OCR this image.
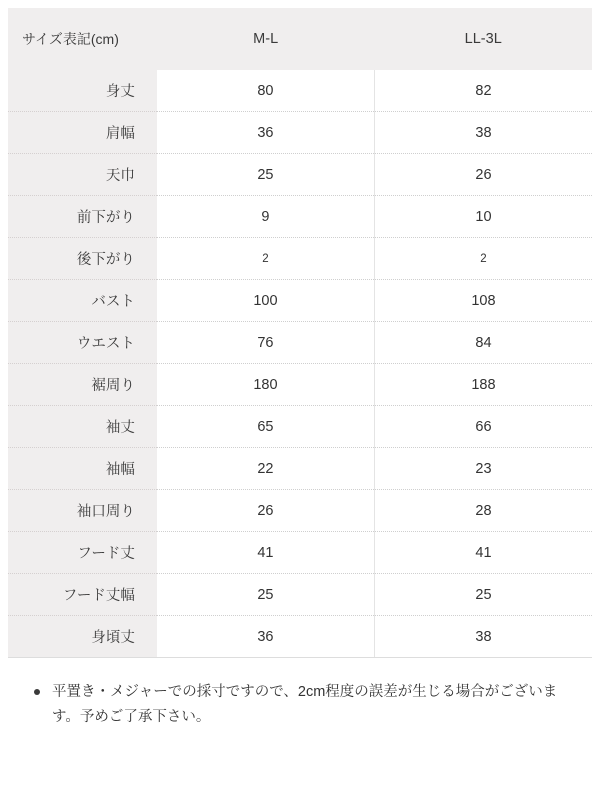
サイズ表記(cm)	M-L	LL-3L
身丈	80	82
肩幅	36	38
天巾	25	26
前下がり	9	10
後下がり	2	2
バスト	100	108
ウエスト	76	84
裾周り	180	188
袖丈	65	66
袖幅	22	23
袖口周り	26	28
フード丈	41	41
フード丈幅	25	25
身頃丈	36	38
平置き・メジャーでの採寸ですので、2cm程度の誤差が生じる場合がございます。予めご了承下さい。
